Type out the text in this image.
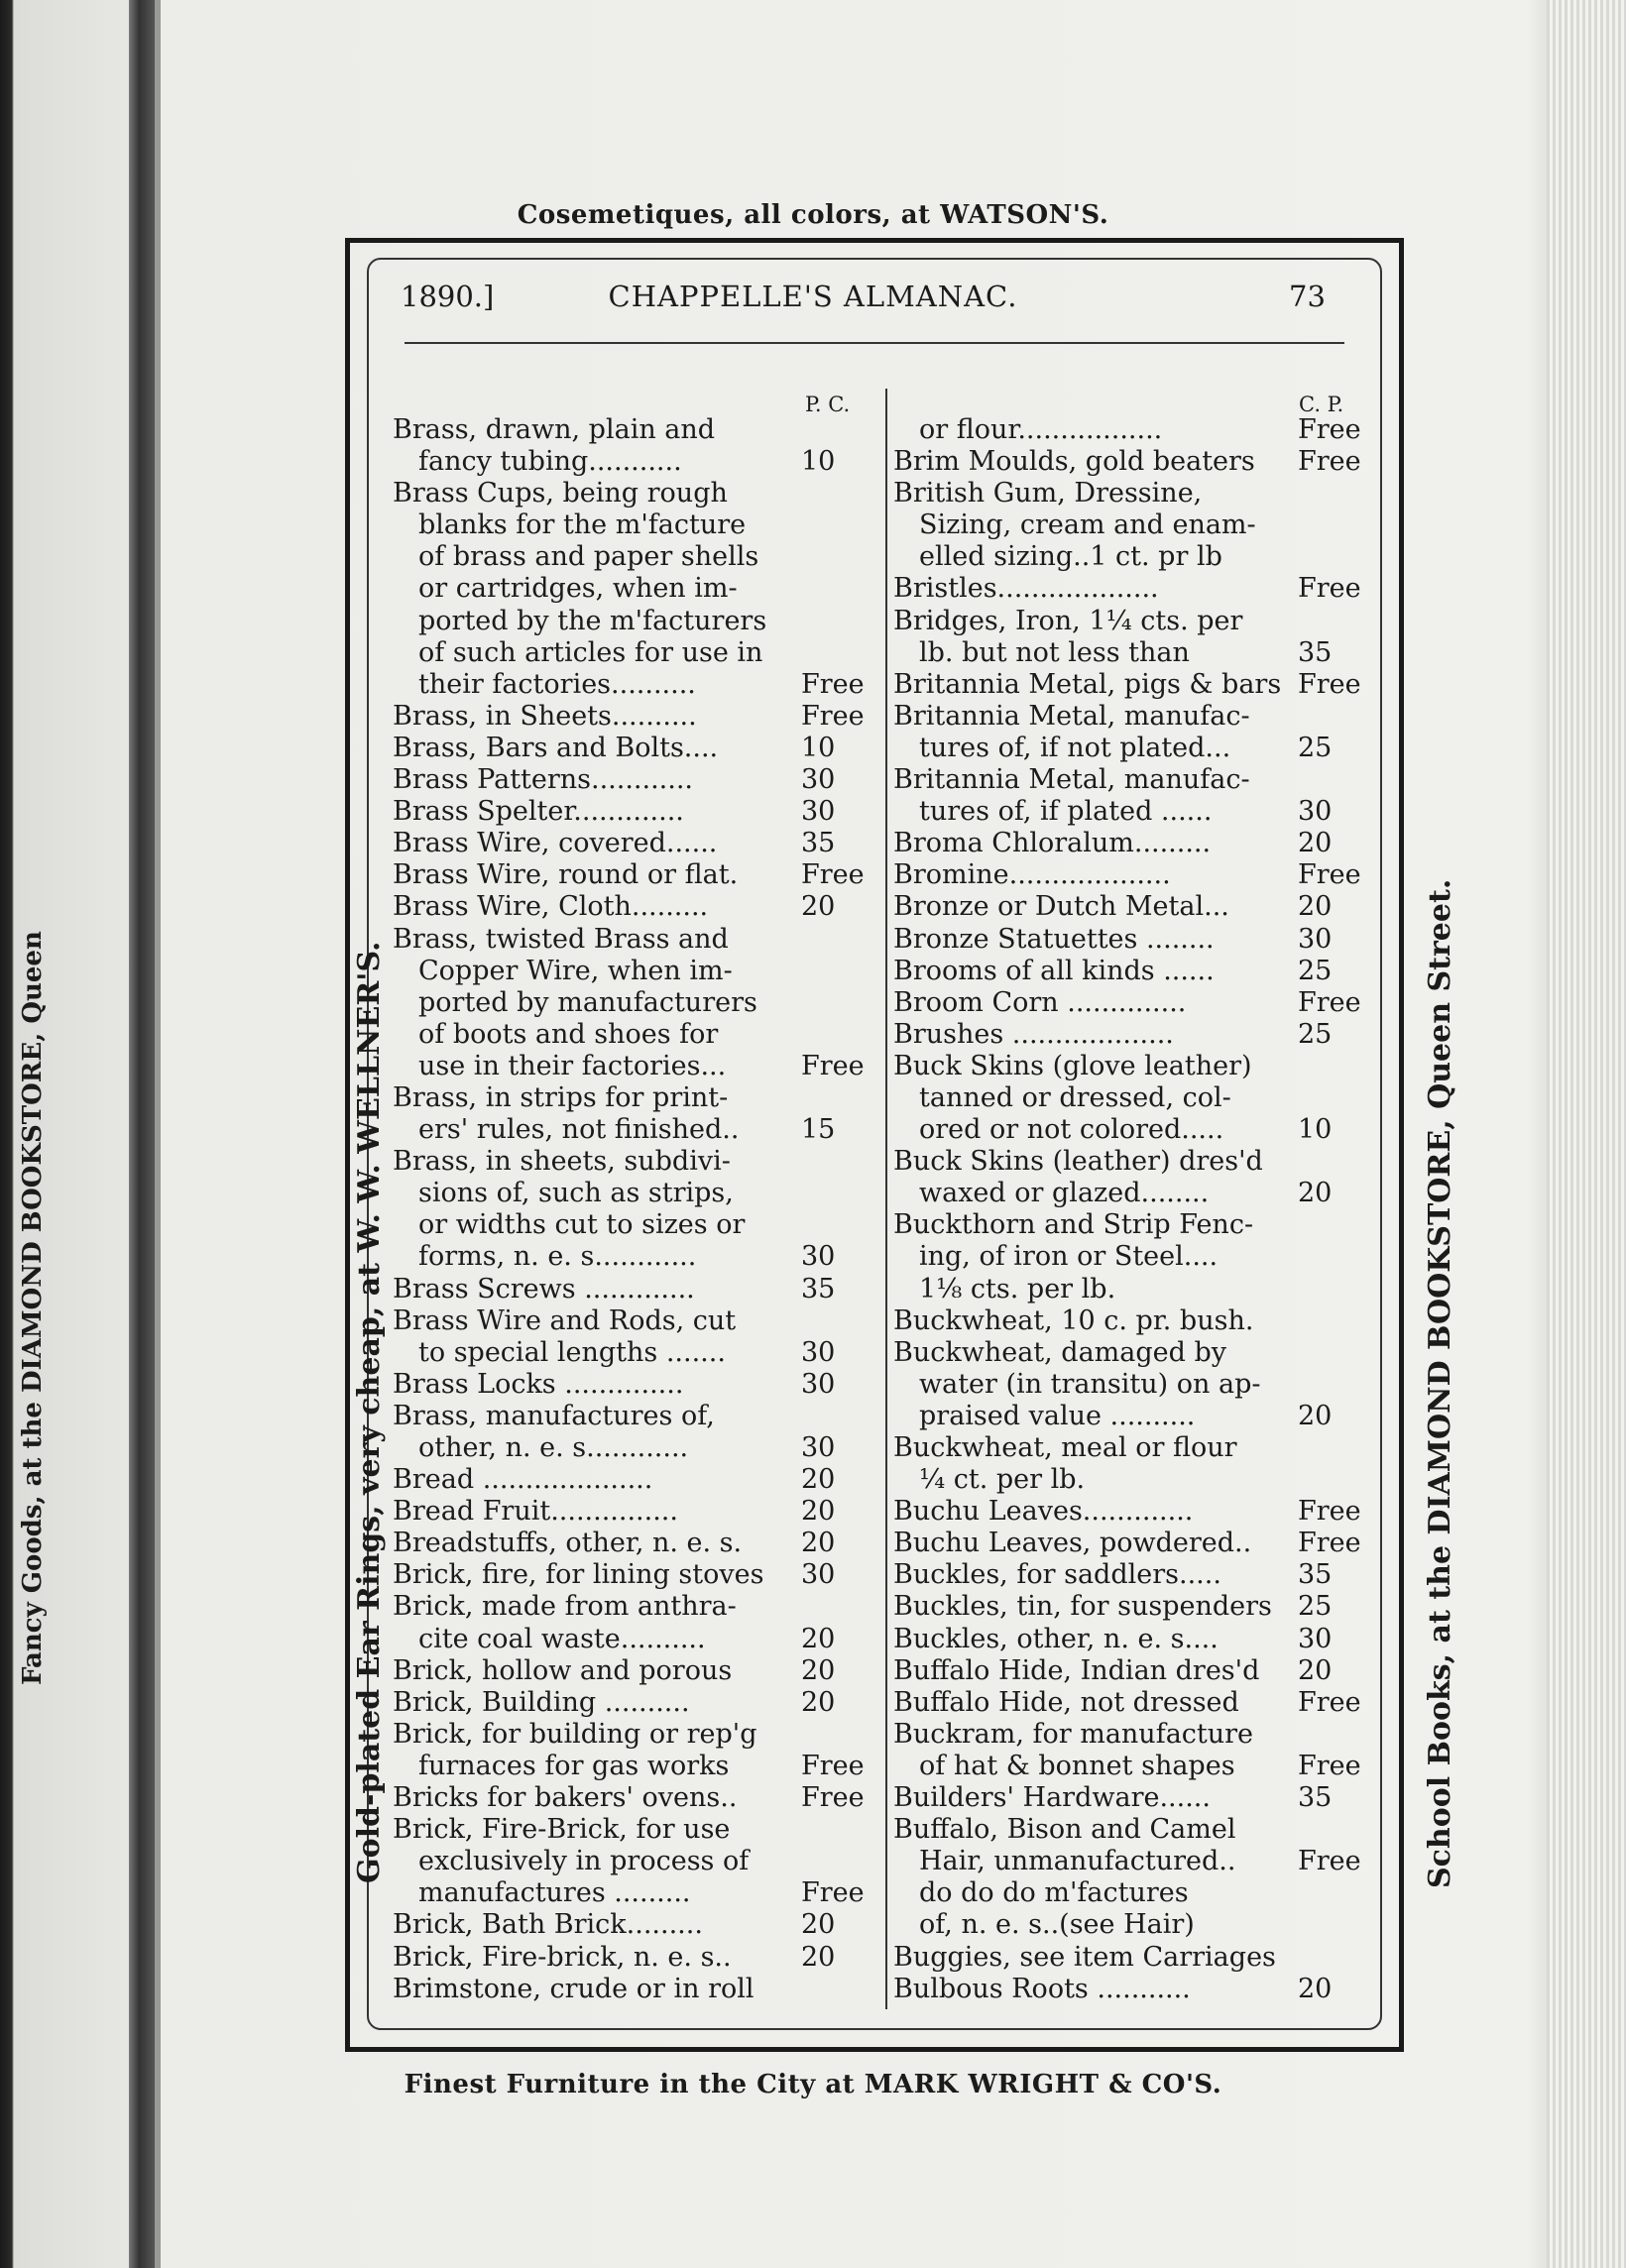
Fancy Goods, at the DIAMOND BOOKSTORE, Queen
Cosemetiques, all colors, at WATSON'S.
Gold-plated Ear Rings, very cheap, at W. W. WELLNER'S.	School Books, at the DIAMOND BOOKSTORE, Queen Street.
1890.]	CHAPPELLE'S ALMANAC.	73
P. C.	C. P.
Brass, drawn, plain and
fancy tubing...........	10
Brass Cups, being rough
blanks for the m'facture
of brass and paper shells
or cartridges, when im-
ported by the m'facturers
of such articles for use in
their factories..........	Free
Brass, in Sheets..........	Free
Brass, Bars and Bolts....	10
Brass Patterns............	30
Brass Spelter.............	30
Brass Wire, covered......	35
Brass Wire, round or flat. Free
Brass Wire, Cloth.........	20
Brass, twisted Brass and
Copper Wire, when im-
ported by manufacturers
of boots and shoes for
use in their factories...	Free
Brass, in strips for print-
ers' rules, not finished.. 15
Brass, in sheets, subdivi-
sions of, such as strips,
or widths cut to sizes or
forms, n. e. s............	30
Brass Screws .............	35
Brass Wire and Rods, cut
to special lengths .......	30
Brass Locks ..............	30
Brass, manufactures of,
other, n. e. s............	30
Bread ....................	20
Bread Fruit...............	20
Breadstuffs, other, n. e. s. 20
Brick, fire, for lining stoves 30
Brick, made from anthra-
cite coal waste..........	20
Brick, hollow and porous	20
Brick, Building ..........	20
Brick, for building or rep'g
furnaces for gas works	Free
Bricks for bakers' ovens.. Free
Brick, Fire-Brick, for use
exclusively in process of
manufactures .........	Free
Brick, Bath Brick.........	20
Brick, Fire-brick, n. e. s..	20
Brimstone, crude or in roll
or flour.................	Free
Brim Moulds, gold beaters Free
British Gum, Dressine,
Sizing, cream and enam-
elled sizing..1 ct. pr lb
Bristles...................	Free
Bridges, Iron, 1¼ cts. per
lb. but not less than	35
Britannia Metal, pigs & bars Free
Britannia Metal, manufac-
tures of, if not plated...	25
Britannia Metal, manufac-
tures of, if plated ......	30
Broma Chloralum.........	20
Bromine...................	Free
Bronze or Dutch Metal...	20
Bronze Statuettes ........	30
Brooms of all kinds ......	25
Broom Corn ..............	Free
Brushes ...................	25
Buck Skins (glove leather)
tanned or dressed, col-
ored or not colored.....	10
Buck Skins (leather) dres'd
waxed or glazed........	20
Buckthorn and Strip Fenc-
ing, of iron or Steel....
1⅛ cts. per lb.
Buckwheat, 10 c. pr. bush.
Buckwheat, damaged by
water (in transitu) on ap-
praised value ..........	20
Buckwheat, meal or flour
¼ ct. per lb.
Buchu Leaves.............	Free
Buchu Leaves, powdered.. Free
Buckles, for saddlers.....	35
Buckles, tin, for suspenders 25
Buckles, other, n. e. s....	30
Buffalo Hide, Indian dres'd 20
Buffalo Hide, not dressed Free
Buckram, for manufacture
of hat & bonnet shapes Free
Builders' Hardware......	35
Buffalo, Bison and Camel
Hair, unmanufactured.. Free
do do do m'factures
of, n. e. s..(see Hair)
Buggies, see item Carriages
Bulbous Roots ...........	20
Finest Furniture in the City at MARK WRIGHT & CO'S.
